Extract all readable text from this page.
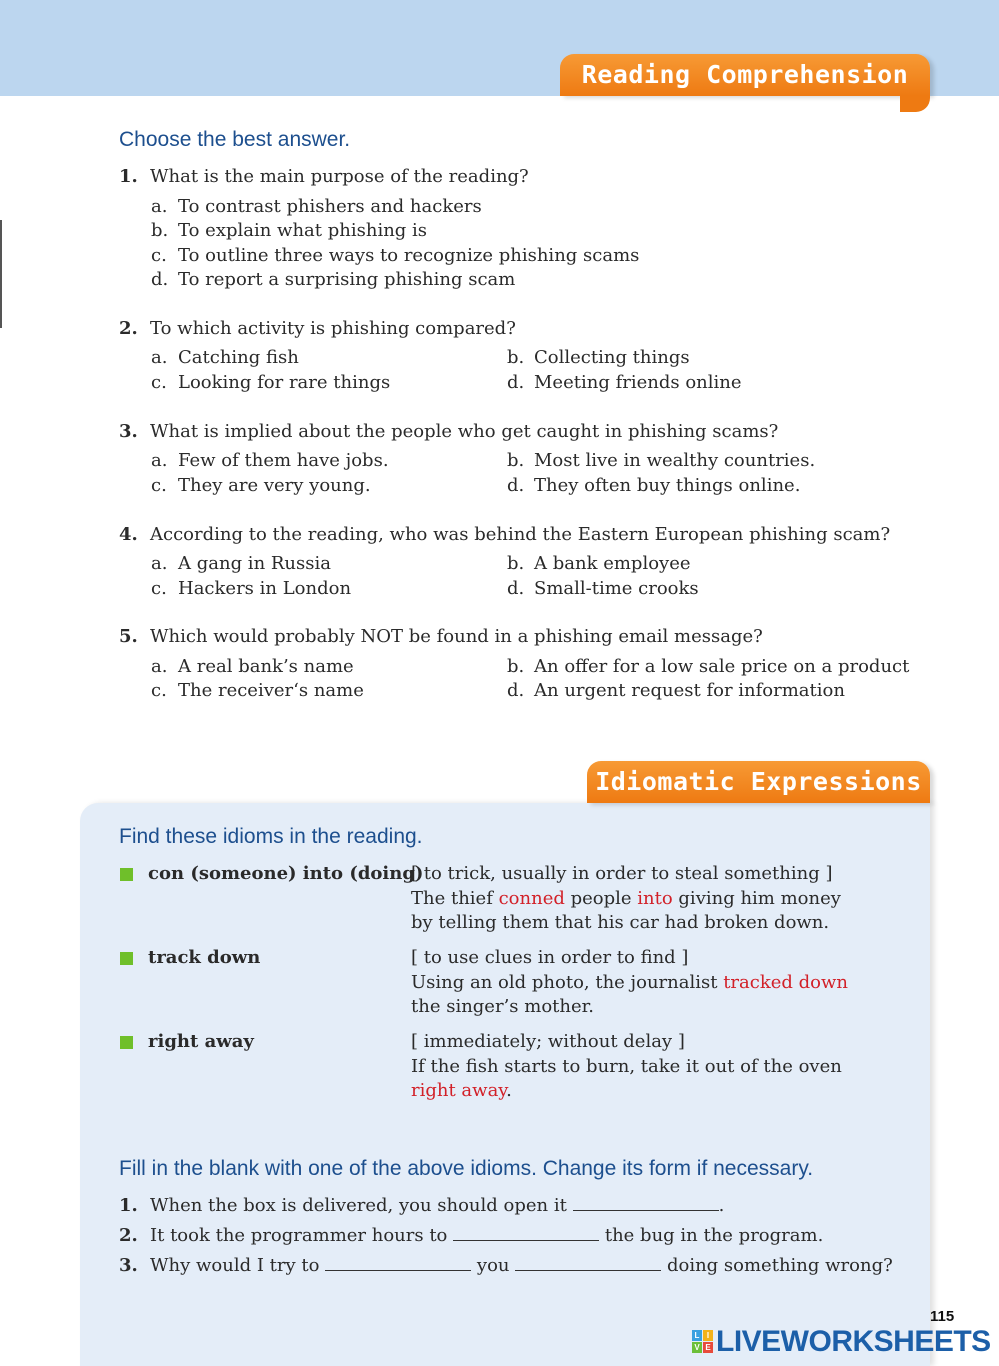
Reading Comprehension
Choose the best answer.
1. What is the main purpose of the reading?
a. To contrast phishers and hackers
b. To explain what phishing is
c. To outline three ways to recognize phishing scams
d. To report a surprising phishing scam
2. To which activity is phishing compared?
a. Catching fish	b. Collecting things
c. Looking for rare things	d. Meeting friends online
3. What is implied about the people who get caught in phishing scams?
a. Few of them have jobs.	b. Most live in wealthy countries.
c. They are very young.	d. They often buy things online.
4. According to the reading, who was behind the Eastern European phishing scam?
a. A gang in Russia	b. A bank employee
c. Hackers in London	d. Small-time crooks
5. Which would probably NOT be found in a phishing email message?
a. A real bank’s name	b. An offer for a low sale price on a product
c. The receiver‘s name	d. An urgent request for information
Idiomatic Expressions
Find these idioms in the reading.
con (someone) into (doing)
[ to trick, usually in order to steal something ]
The thief conned people into giving him money by telling them that his car had broken down.
track down	[ to use clues in order to find ]
Using an old photo, the journalist tracked down the singer’s mother.
right away	[ immediately; without delay ]
If the fish starts to burn, take it out of the oven right away.
Fill in the blank with one of the above idioms. Change its form if necessary.
1. When the box is delivered, you should open it	.
2. It took the programmer hours to	the bug in the program.
3. Why would I try to	you	doing something wrong?
115
L I
V E LIVEWORKSHEETS
